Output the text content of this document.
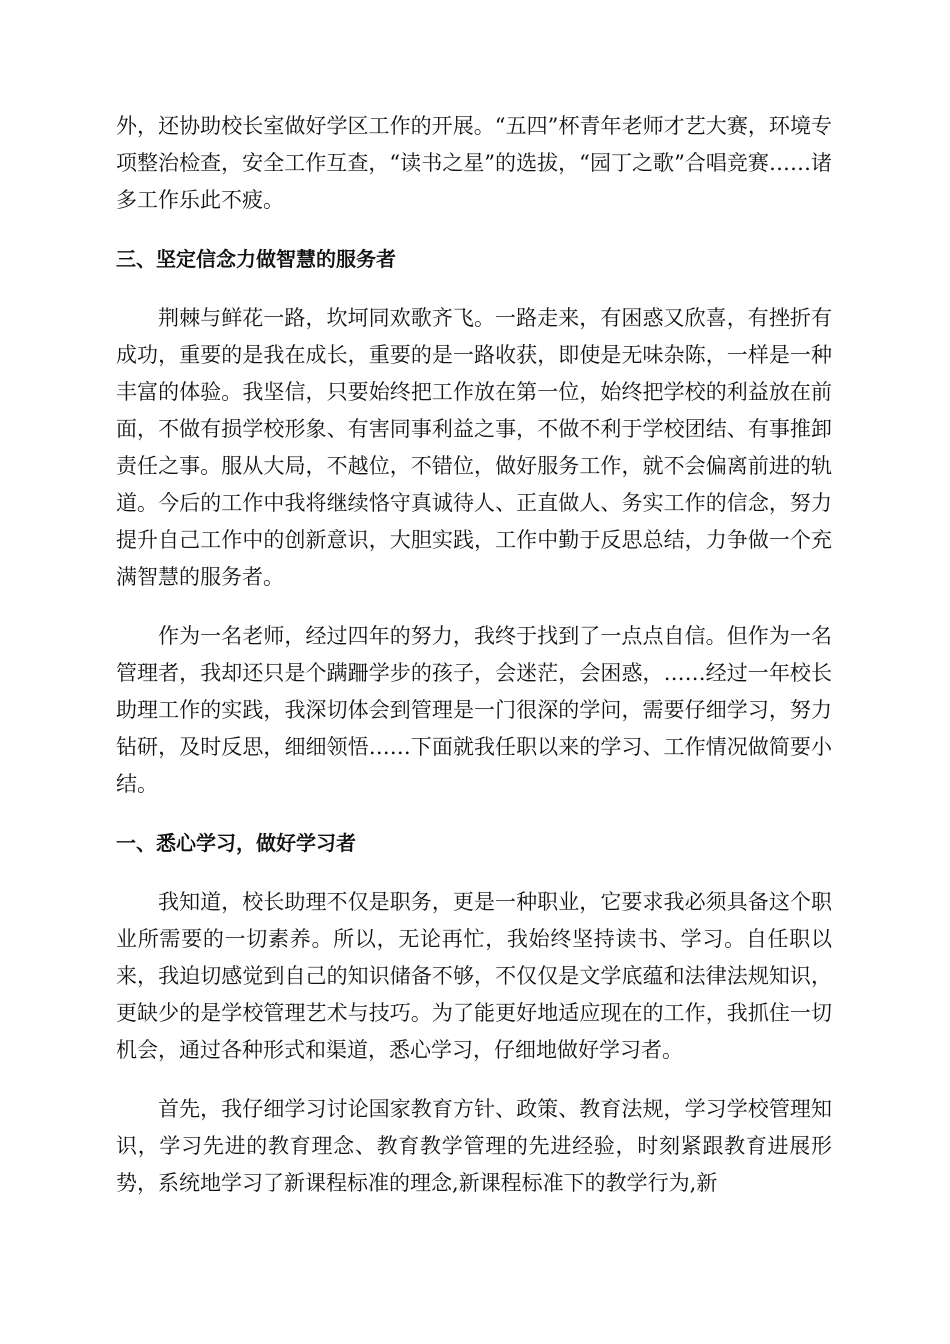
外，还协助校长室做好学区工作的开展。“五四”杯青年老师才艺大赛，环境专项整治检查，安全工作互查，“读书之星”的选拔，“园丁之歌”合唱竞赛……诸多工作乐此不疲。

三、坚定信念力做智慧的服务者

荆棘与鲜花一路，坎坷同欢歌齐飞。一路走来，有困惑又欣喜，有挫折有成功，重要的是我在成长，重要的是一路收获，即使是无味杂陈，一样是一种丰富的体验。我坚信，只要始终把工作放在第一位，始终把学校的利益放在前面，不做有损学校形象、有害同事利益之事，不做不利于学校团结、有事推卸责任之事。服从大局，不越位，不错位，做好服务工作，就不会偏离前进的轨道。今后的工作中我将继续恪守真诚待人、正直做人、务实工作的信念，努力提升自己工作中的创新意识，大胆实践，工作中勤于反思总结，力争做一个充满智慧的服务者。

作为一名老师，经过四年的努力，我终于找到了一点点自信。但作为一名管理者，我却还只是个蹒跚学步的孩子，会迷茫，会困惑，……经过一年校长助理工作的实践，我深切体会到管理是一门很深的学问，需要仔细学习，努力钻研，及时反思，细细领悟……下面就我任职以来的学习、工作情况做简要小结。

一、悉心学习，做好学习者

我知道，校长助理不仅是职务，更是一种职业，它要求我必须具备这个职业所需要的一切素养。所以，无论再忙，我始终坚持读书、学习。自任职以来，我迫切感觉到自己的知识储备不够，不仅仅是文学底蕴和法律法规知识，更缺少的是学校管理艺术与技巧。为了能更好地适应现在的工作，我抓住一切机会，通过各种形式和渠道，悉心学习，仔细地做好学习者。

首先，我仔细学习讨论国家教育方针、政策、教育法规，学习学校管理知识，学习先进的教育理念、教育教学管理的先进经验，时刻紧跟教育进展形势，系统地学习了新课程标准的理念,新课程标准下的教学行为,新
